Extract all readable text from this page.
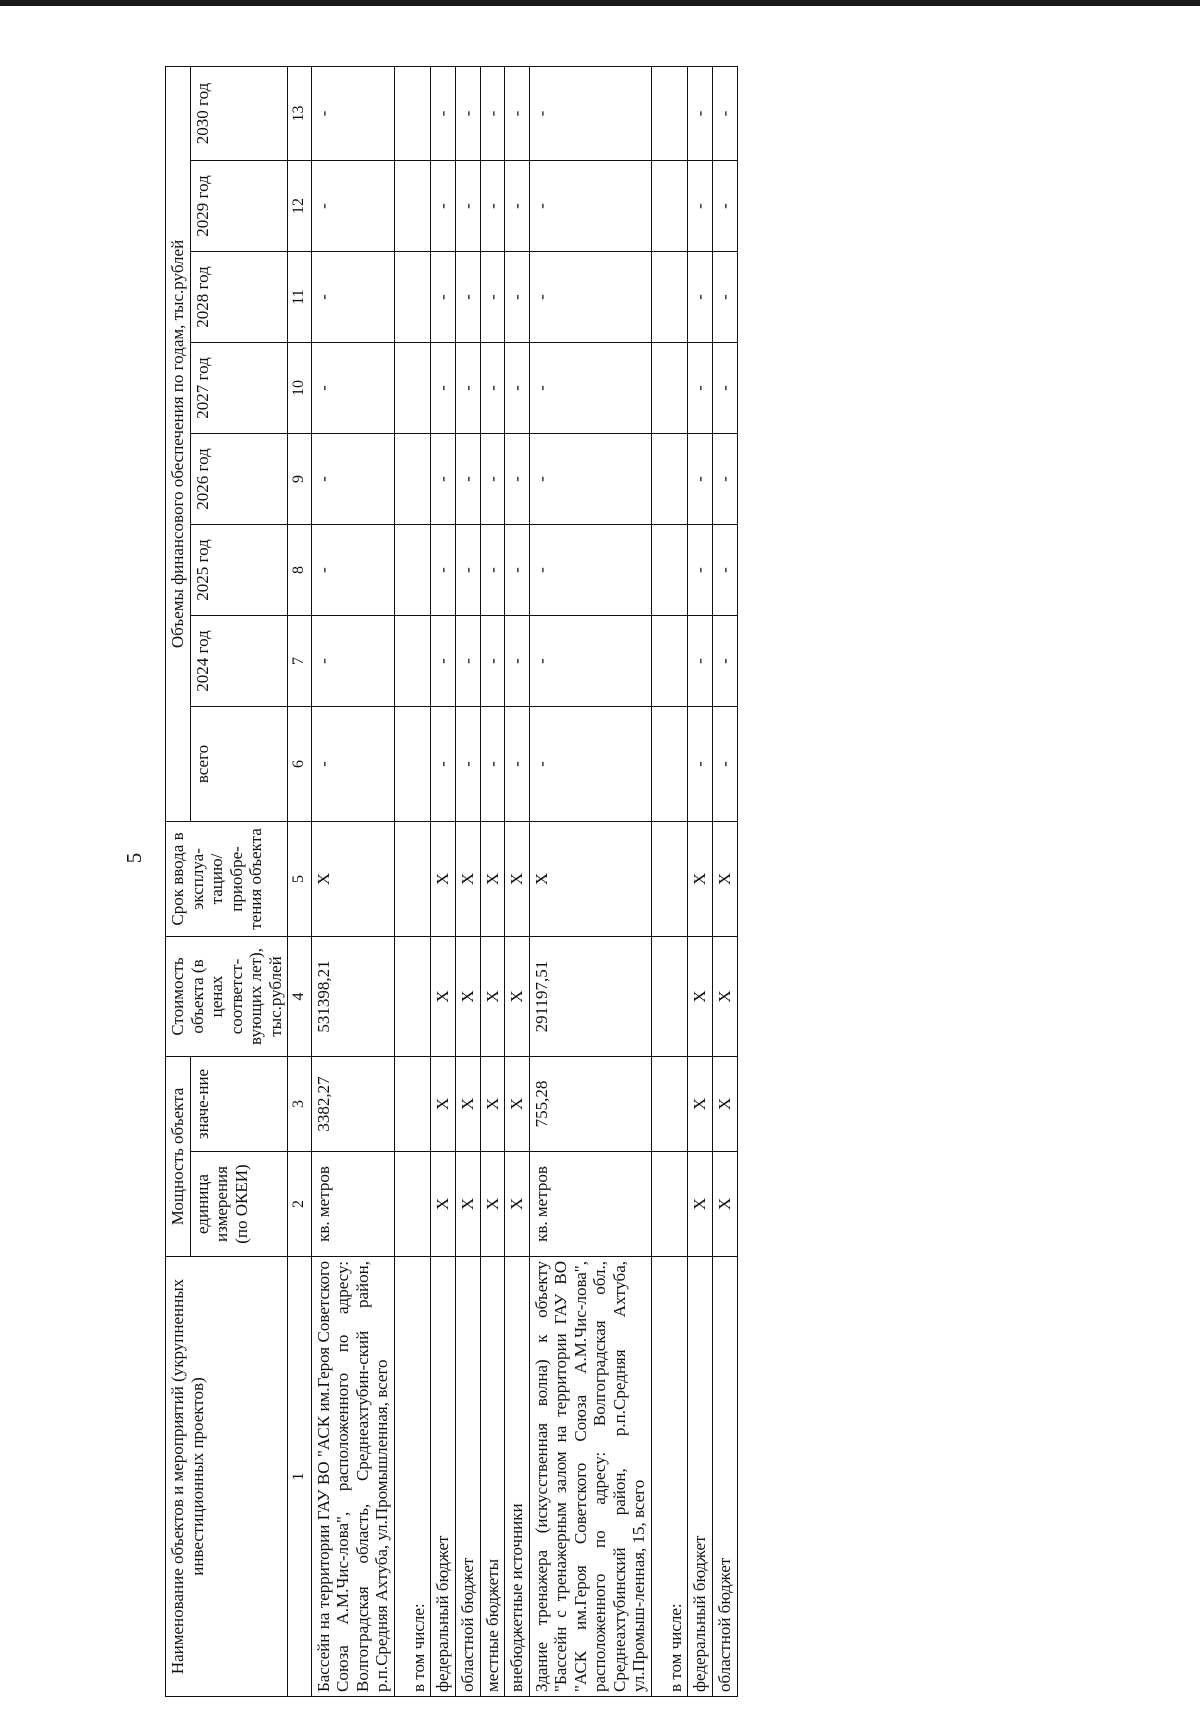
5
Наименование объектов и мероприятий (укрупненных инвестиционных проектов)	Мощность объекта		Стоимость объекта (в ценах соответст-вующих лет), тыс.рублей	Срок ввода в эксплуа-тацию/ приобре-тения объекта	Объемы финансового обеспечения по годам, тыс.рублей							
	единица измерения (по ОКЕИ)	значе-ние			всего	2024 год	2025 год	2026 год	2027 год	2028 год	2029 год	2030 год

1	2	3	4	5	6	7	8	9	10	11	12	13
Бассейн на территории ГАУ ВО "АСК им.Героя Советского Союза А.М.Чис-лова", расположенного по адресу: Волгоградская область, Среднеахтубин-ский район, р.п.Средняя Ахтуба, ул.Промышленная, всего	кв. метров	3382,27	531398,21	X	-	-	-	-	-	-	-	-
в том числе:												
федеральный бюджет	X	X	X	X	-	-	-	-	-	-	-	-
областной бюджет	X	X	X	X	-	-	-	-	-	-	-	-
местные бюджеты	X	X	X	X	-	-	-	-	-	-	-	-
внебюджетные источники	X	X	X	X	-	-	-	-	-	-	-	-
Здание тренажера (искусственная волна) к объекту "Бассейн с тренажерным залом на территории ГАУ ВО "АСК им.Героя Советского Союза А.М.Чис-лова", расположенного по адресу: Волгоградская обл., Среднеахтубинский район, р.п.Средняя Ахтуба, ул.Промыш-ленная, 15, всего	кв. метров	755,28	291197,51	X	-	-	-	-	-	-	-	-
в том числе:												
федеральный бюджет	X	X	X	X	-	-	-	-	-	-	-	-
областной бюджет	X	X	X	X	-	-	-	-	-	-	-	-
